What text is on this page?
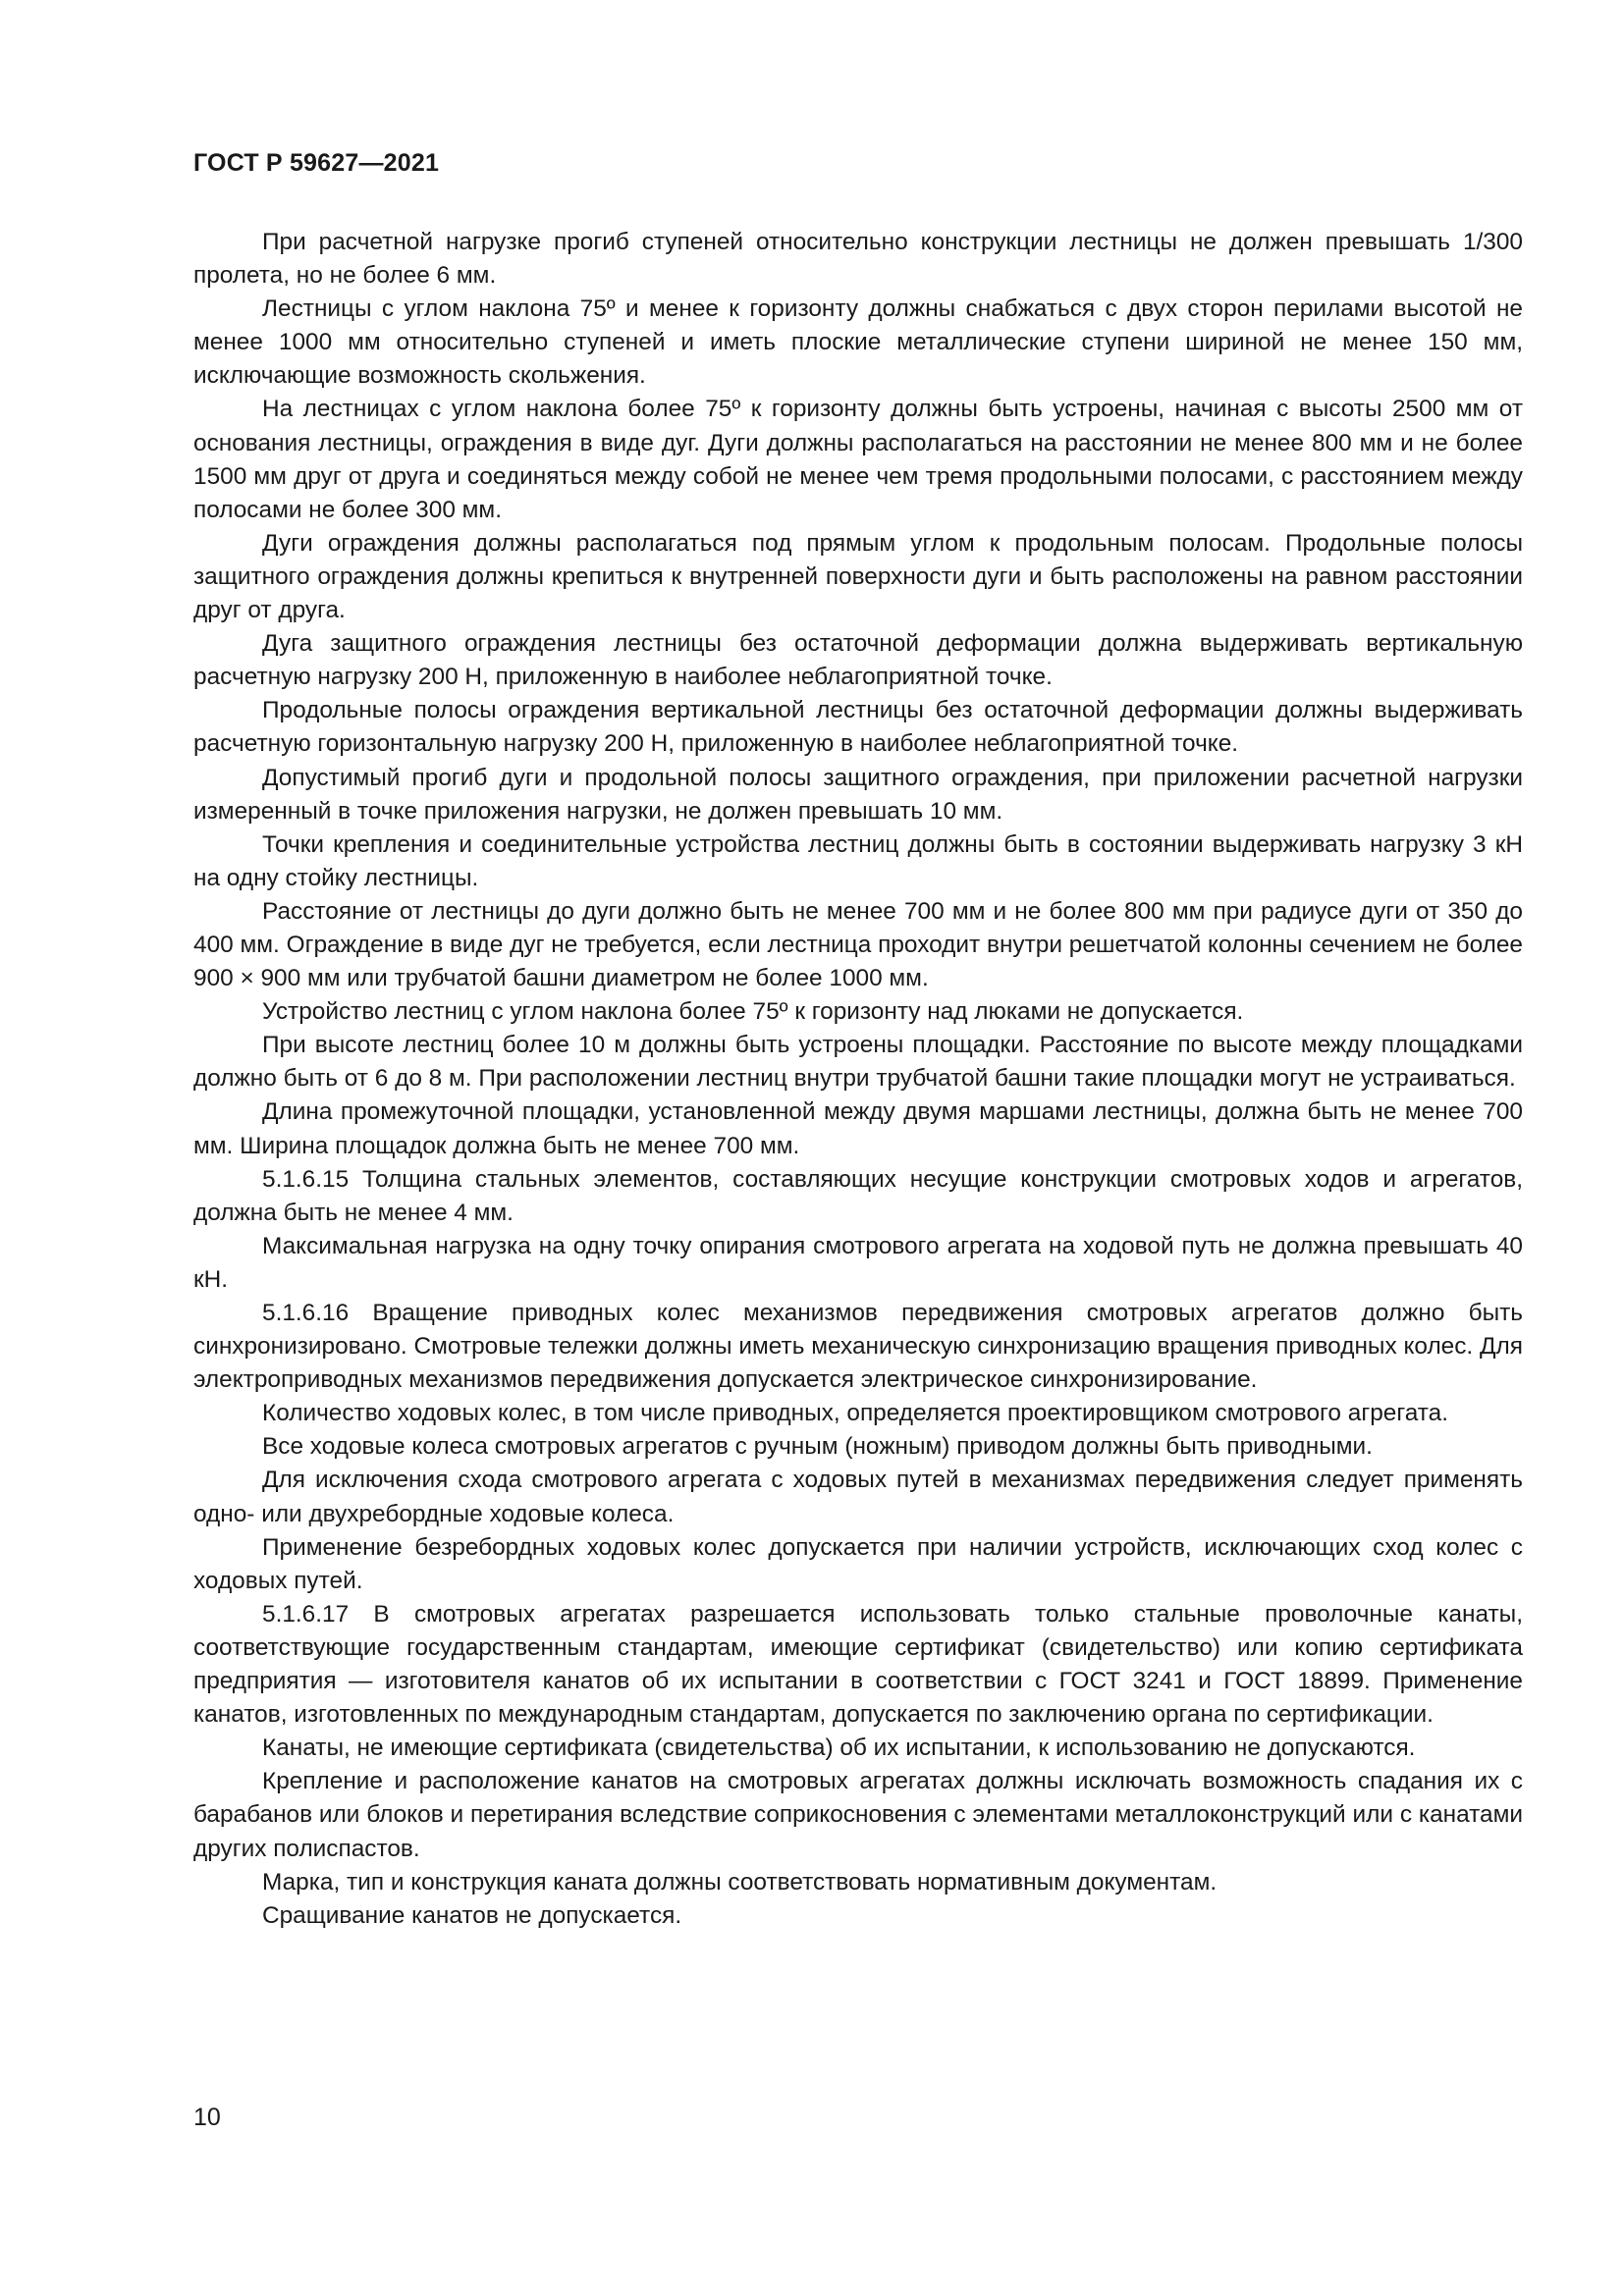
ГОСТ Р 59627—2021

При расчетной нагрузке прогиб ступеней относительно конструкции лестницы не должен превышать 1/300 пролета, но не более 6 мм.

Лестницы с углом наклона 75º и менее к горизонту должны снабжаться с двух сторон перилами высотой не менее 1000 мм относительно ступеней и иметь плоские металлические ступени шириной не менее 150 мм, исключающие возможность скольжения.

На лестницах с углом наклона более 75º к горизонту должны быть устроены, начиная с высоты 2500 мм от основания лестницы, ограждения в виде дуг. Дуги должны располагаться на расстоянии не менее 800 мм и не более 1500 мм друг от друга и соединяться между собой не менее чем тремя продольными полосами, с расстоянием между полосами не более 300 мм.

Дуги ограждения должны располагаться под прямым углом к продольным полосам. Продольные полосы защитного ограждения должны крепиться к внутренней поверхности дуги и быть расположены на равном расстоянии друг от друга.

Дуга защитного ограждения лестницы без остаточной деформации должна выдерживать вертикальную расчетную нагрузку 200 Н, приложенную в наиболее неблагоприятной точке.

Продольные полосы ограждения вертикальной лестницы без остаточной деформации должны выдерживать расчетную горизонтальную нагрузку 200 Н, приложенную в наиболее неблагоприятной точке.

Допустимый прогиб дуги и продольной полосы защитного ограждения, при приложении расчетной нагрузки измеренный в точке приложения нагрузки, не должен превышать 10 мм.

Точки крепления и соединительные устройства лестниц должны быть в состоянии выдерживать нагрузку 3 кН на одну стойку лестницы.

Расстояние от лестницы до дуги должно быть не менее 700 мм и не более 800 мм при радиусе дуги от 350 до 400 мм. Ограждение в виде дуг не требуется, если лестница проходит внутри решетчатой колонны сечением не более 900 × 900 мм или трубчатой башни диаметром не более 1000 мм.

Устройство лестниц с углом наклона более 75º к горизонту над люками не допускается.

При высоте лестниц более 10 м должны быть устроены площадки. Расстояние по высоте между площадками должно быть от 6 до 8 м. При расположении лестниц внутри трубчатой башни такие площадки могут не устраиваться.

Длина промежуточной площадки, установленной между двумя маршами лестницы, должна быть не менее 700 мм. Ширина площадок должна быть не менее 700 мм.

5.1.6.15 Толщина стальных элементов, составляющих несущие конструкции смотровых ходов и агрегатов, должна быть не менее 4 мм.

Максимальная нагрузка на одну точку опирания смотрового агрегата на ходовой путь не должна превышать 40 кН.

5.1.6.16 Вращение приводных колес механизмов передвижения смотровых агрегатов должно быть синхронизировано. Смотровые тележки должны иметь механическую синхронизацию вращения приводных колес. Для электроприводных механизмов передвижения допускается электрическое синхронизирование.

Количество ходовых колес, в том числе приводных, определяется проектировщиком смотрового агрегата.

Все ходовые колеса смотровых агрегатов с ручным (ножным) приводом должны быть приводными.

Для исключения схода смотрового агрегата с ходовых путей в механизмах передвижения следует применять одно- или двухребордные ходовые колеса.

Применение безребордных ходовых колес допускается при наличии устройств, исключающих сход колес с ходовых путей.

5.1.6.17 В смотровых агрегатах разрешается использовать только стальные проволочные канаты, соответствующие государственным стандартам, имеющие сертификат (свидетельство) или копию сертификата предприятия — изготовителя канатов об их испытании в соответствии с ГОСТ 3241 и ГОСТ 18899. Применение канатов, изготовленных по международным стандартам, допускается по заключению органа по сертификации.

Канаты, не имеющие сертификата (свидетельства) об их испытании, к использованию не допускаются.

Крепление и расположение канатов на смотровых агрегатах должны исключать возможность спадания их с барабанов или блоков и перетирания вследствие соприкосновения с элементами металлоконструкций или с канатами других полиспастов.

Марка, тип и конструкция каната должны соответствовать нормативным документам.

Сращивание канатов не допускается.

10
